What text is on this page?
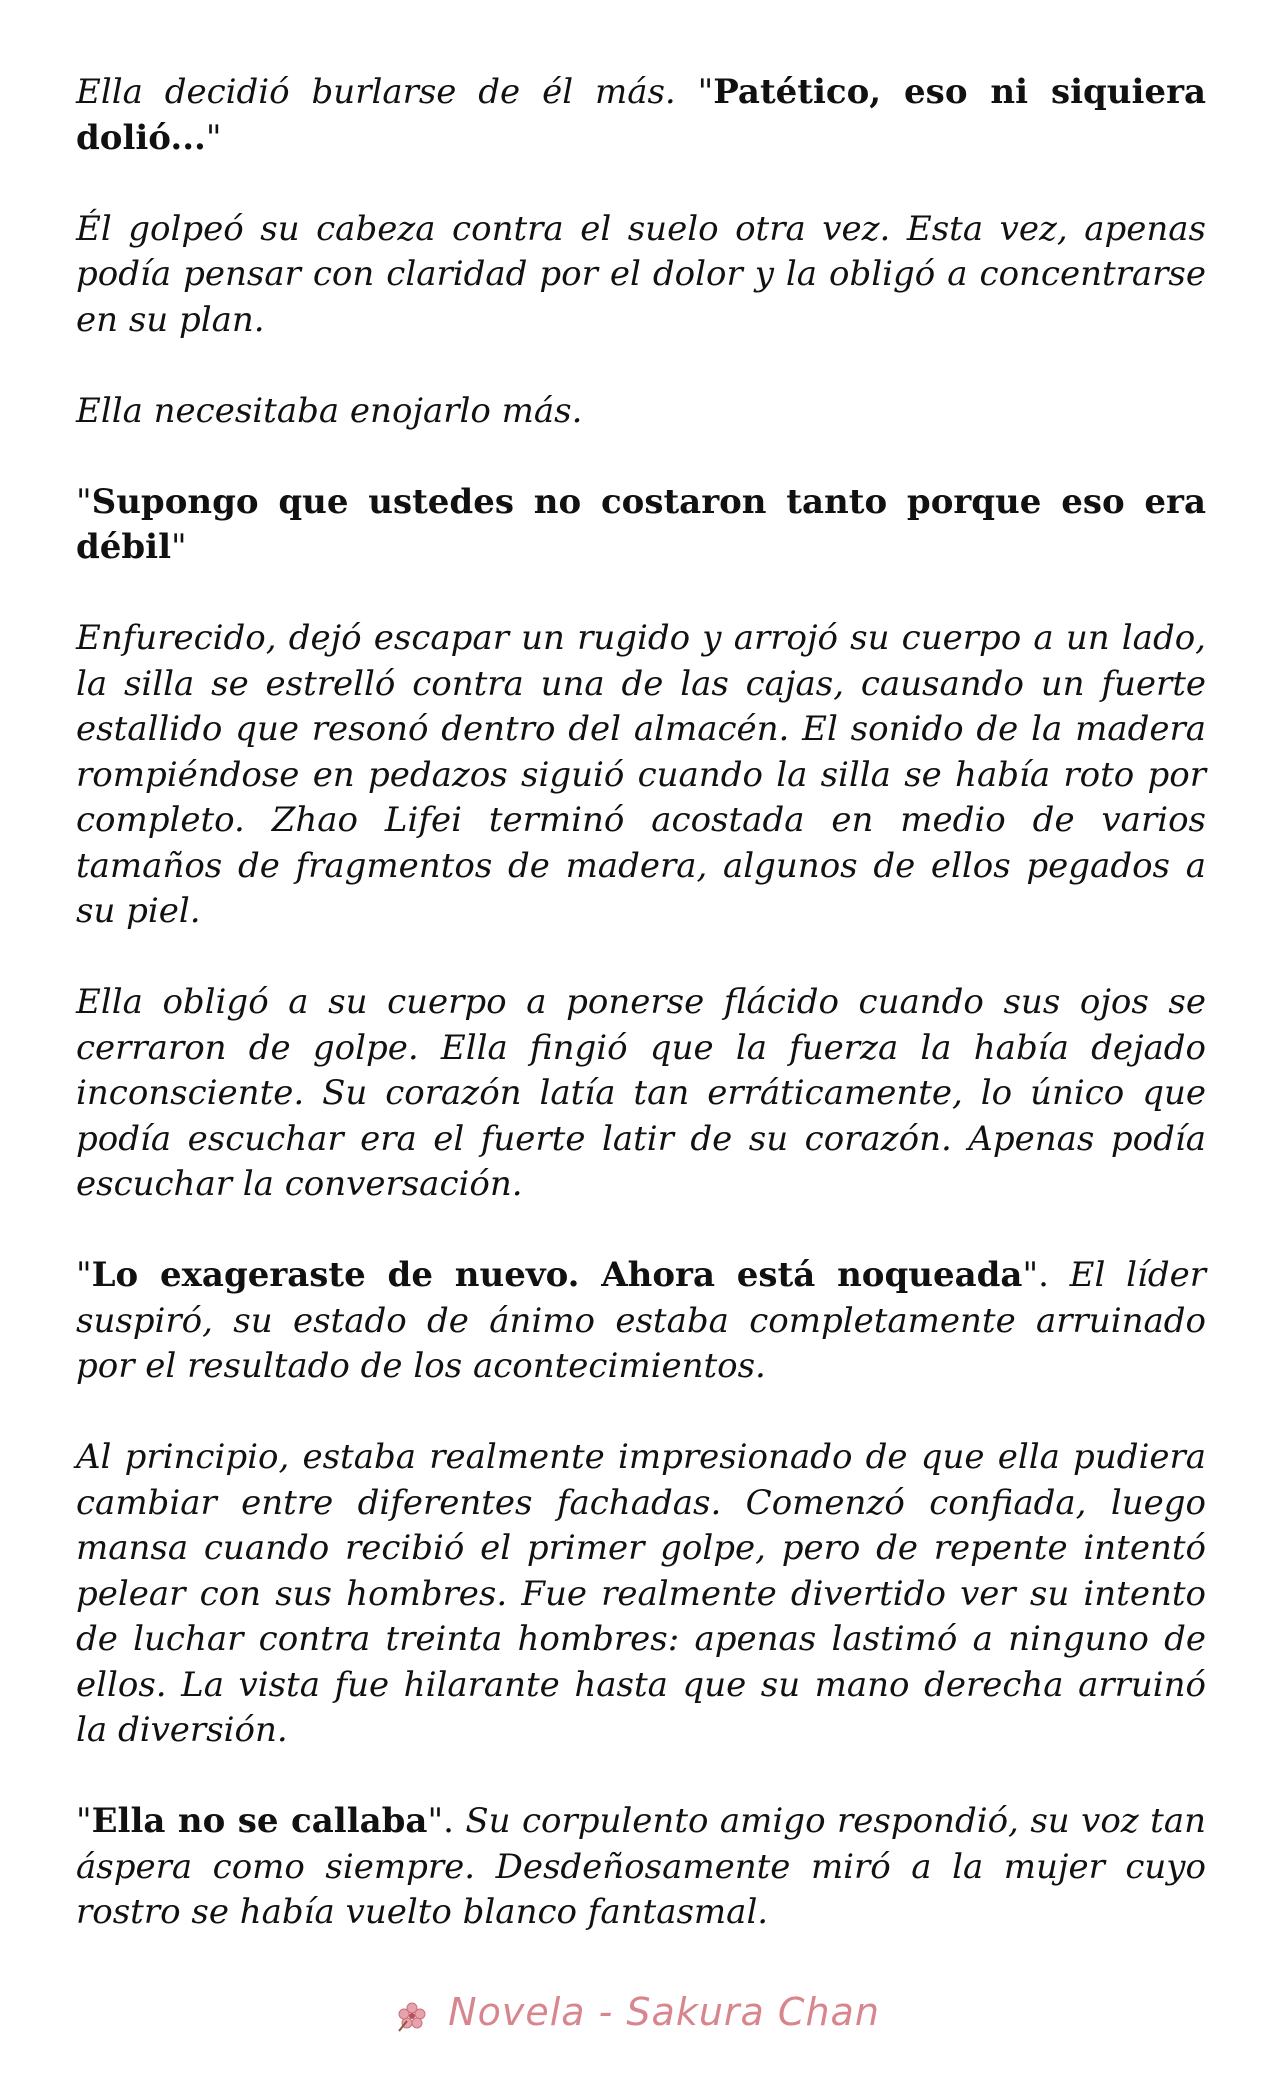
Ella decidió burlarse de él más. "Patético, eso ni siquiera dolió..."

Él golpeó su cabeza contra el suelo otra vez. Esta vez, apenas podía pensar con claridad por el dolor y la obligó a concentrarse en su plan.

Ella necesitaba enojarlo más.

"Supongo que ustedes no costaron tanto porque eso era débil"

Enfurecido, dejó escapar un rugido y arrojó su cuerpo a un lado, la silla se estrelló contra una de las cajas, causando un fuerte estallido que resonó dentro del almacén. El sonido de la madera rompiéndose en pedazos siguió cuando la silla se había roto por completo. Zhao Lifei terminó acostada en medio de varios tamaños de fragmentos de madera, algunos de ellos pegados a su piel.

Ella obligó a su cuerpo a ponerse flácido cuando sus ojos se cerraron de golpe. Ella fingió que la fuerza la había dejado inconsciente. Su corazón latía tan erráticamente, lo único que podía escuchar era el fuerte latir de su corazón. Apenas podía escuchar la conversación.

"Lo exageraste de nuevo. Ahora está noqueada". El líder suspiró, su estado de ánimo estaba completamente arruinado por el resultado de los acontecimientos.

Al principio, estaba realmente impresionado de que ella pudiera cambiar entre diferentes fachadas. Comenzó confiada, luego mansa cuando recibió el primer golpe, pero de repente intentó pelear con sus hombres. Fue realmente divertido ver su intento de luchar contra treinta hombres: apenas lastimó a ninguno de ellos. La vista fue hilarante hasta que su mano derecha arruinó la diversión.

"Ella no se callaba". Su corpulento amigo respondió, su voz tan áspera como siempre. Desdeñosamente miró a la mujer cuyo rostro se había vuelto blanco fantasmal.

Novela - Sakura Chan
